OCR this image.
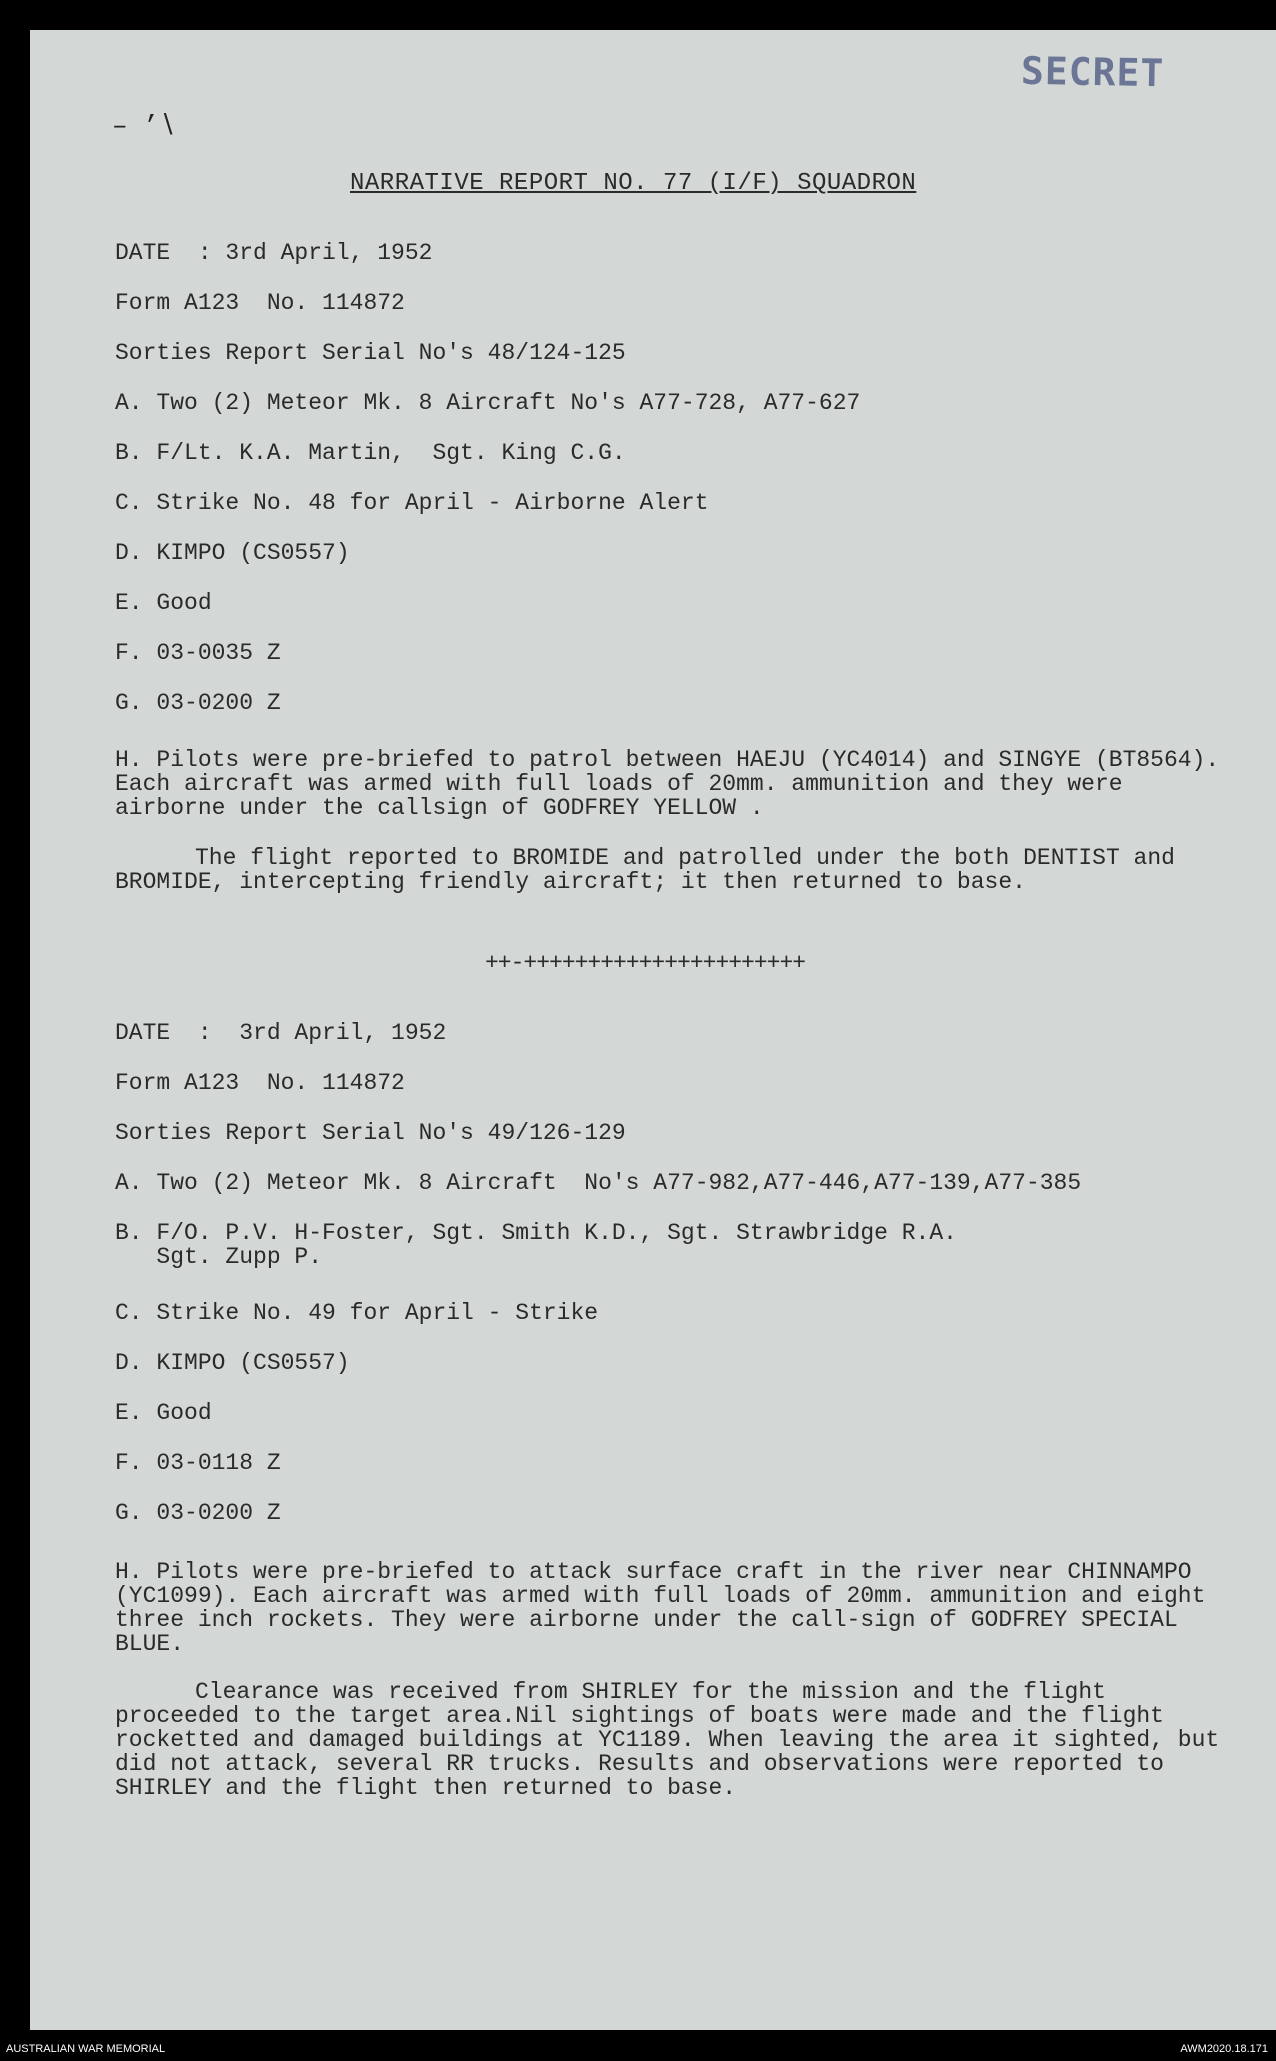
SECRET
– ’∖
NARRATIVE REPORT NO. 77 (I/F) SQUADRON
DATE  : 3rd April, 1952
Form A123  No. 114872
Sorties Report Serial No's 48/124-125
A. Two (2) Meteor Mk. 8 Aircraft No's A77-728, A77-627
B. F/Lt. K.A. Martin,  Sgt. King C.G.
C. Strike No. 48 for April - Airborne Alert
D. KIMPO (CS0557)
E. Good
F. 03-0035 Z
G. 03-0200 Z
H. Pilots were pre-briefed to patrol between HAEJU (YC4014) and SINGYE (BT8564). Each aircraft was armed with full loads of 20mm. ammunition and they were airborne under the callsign of GODFREY YELLOW .
The flight reported to BROMIDE and patrolled under the both DENTIST and BROMIDE, intercepting friendly aircraft; it then returned to base.
++-++++++++++++++++++++++
DATE  :  3rd April, 1952
Form A123  No. 114872
Sorties Report Serial No's 49/126-129
A. Two (2) Meteor Mk. 8 Aircraft  No's A77-982,A77-446,A77-139,A77-385
B. F/O. P.V. H-Foster, Sgt. Smith K.D., Sgt. Strawbridge R.A.
Sgt. Zupp P.
C. Strike No. 49 for April - Strike
D. KIMPO (CS0557)
E. Good
F. 03-0118 Z
G. 03-0200 Z
H. Pilots were pre-briefed to attack surface craft in the river near CHINNAMPO (YC1099). Each aircraft was armed with full loads of 20mm. ammunition and eight three inch rockets. They were airborne under the call-sign of GODFREY SPECIAL BLUE.
Clearance was received from SHIRLEY for the mission and the flight proceeded to the target area.Nil sightings of boats were made and the flight rocketted and damaged buildings at YC1189. When leaving the area it sighted, but did not attack, several RR trucks. Results and observations were reported to SHIRLEY and the flight then returned to base.
AUSTRALIAN WAR MEMORIAL	AWM2020.18.171
